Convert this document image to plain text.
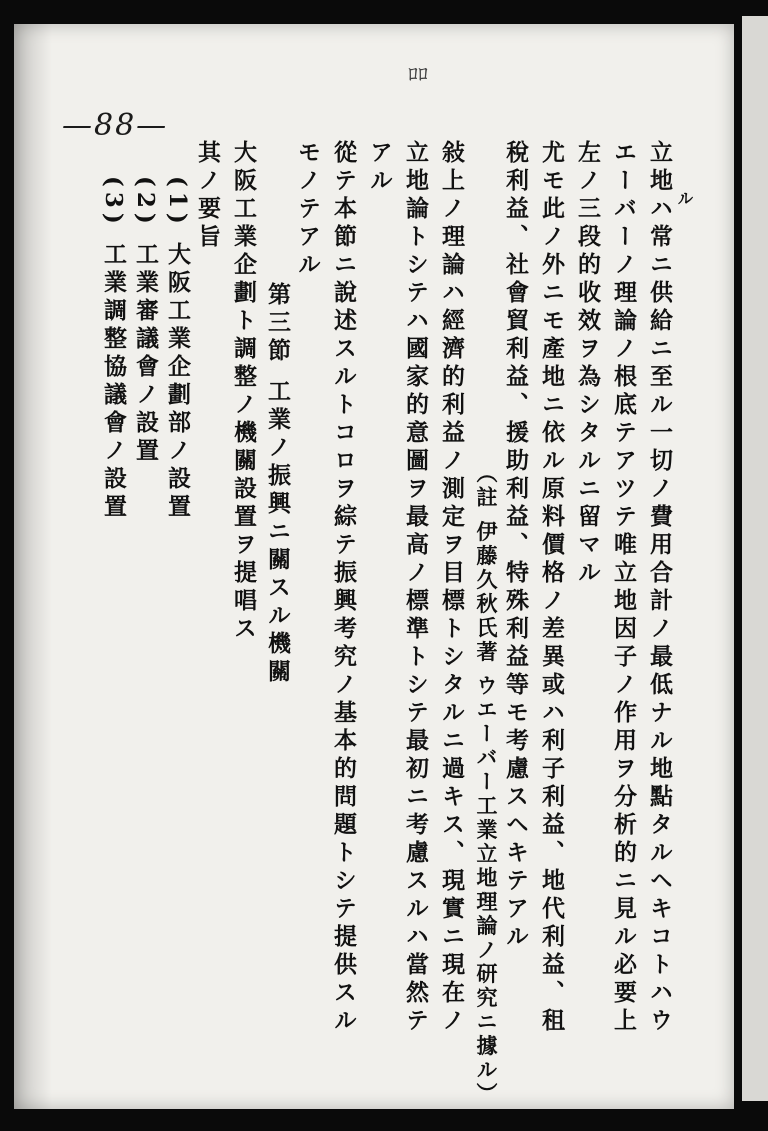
ﾛﾛ
—88—
ル
立地ハ常ニ供給ニ至ル一切ノ費用合計ノ最低ナル地點タルヘキコトハウ
エーバーノ理論ノ根底テアツテ唯立地因子ノ作用ヲ分析的ニ見ル必要上
左ノ三段的收效ヲ為シタルニ留マル
尤モ此ノ外ニモ產地ニ依ル原料價格ノ差異或ハ利子利益、地代利益、租
稅利益、社會貿利益、援助利益、特殊利益等モ考慮スヘキテアル
（註 伊藤久秋氏著 ウエーバー工業立地理論ノ研究ニ據ル）
敍上ノ理論ハ經濟的利益ノ測定ヲ目標トシタルニ過キス、現實ニ現在ノ
立地論トシテハ國家的意圖ヲ最高ノ標準トシテ最初ニ考慮スルハ當然テ
アル
從テ本節ニ說述スルトコロヲ綜テ振興考究ノ基本的問題トシテ提供スル
モノテアル
第三節 工業ノ振興ニ關スル機關
大阪工業企劃ト調整ノ機關設置ヲ提唱ス
其ノ要旨
(1) 大阪工業企劃部ノ設置
(2) 工業審議會ノ設置
(3) 工業調整協議會ノ設置
